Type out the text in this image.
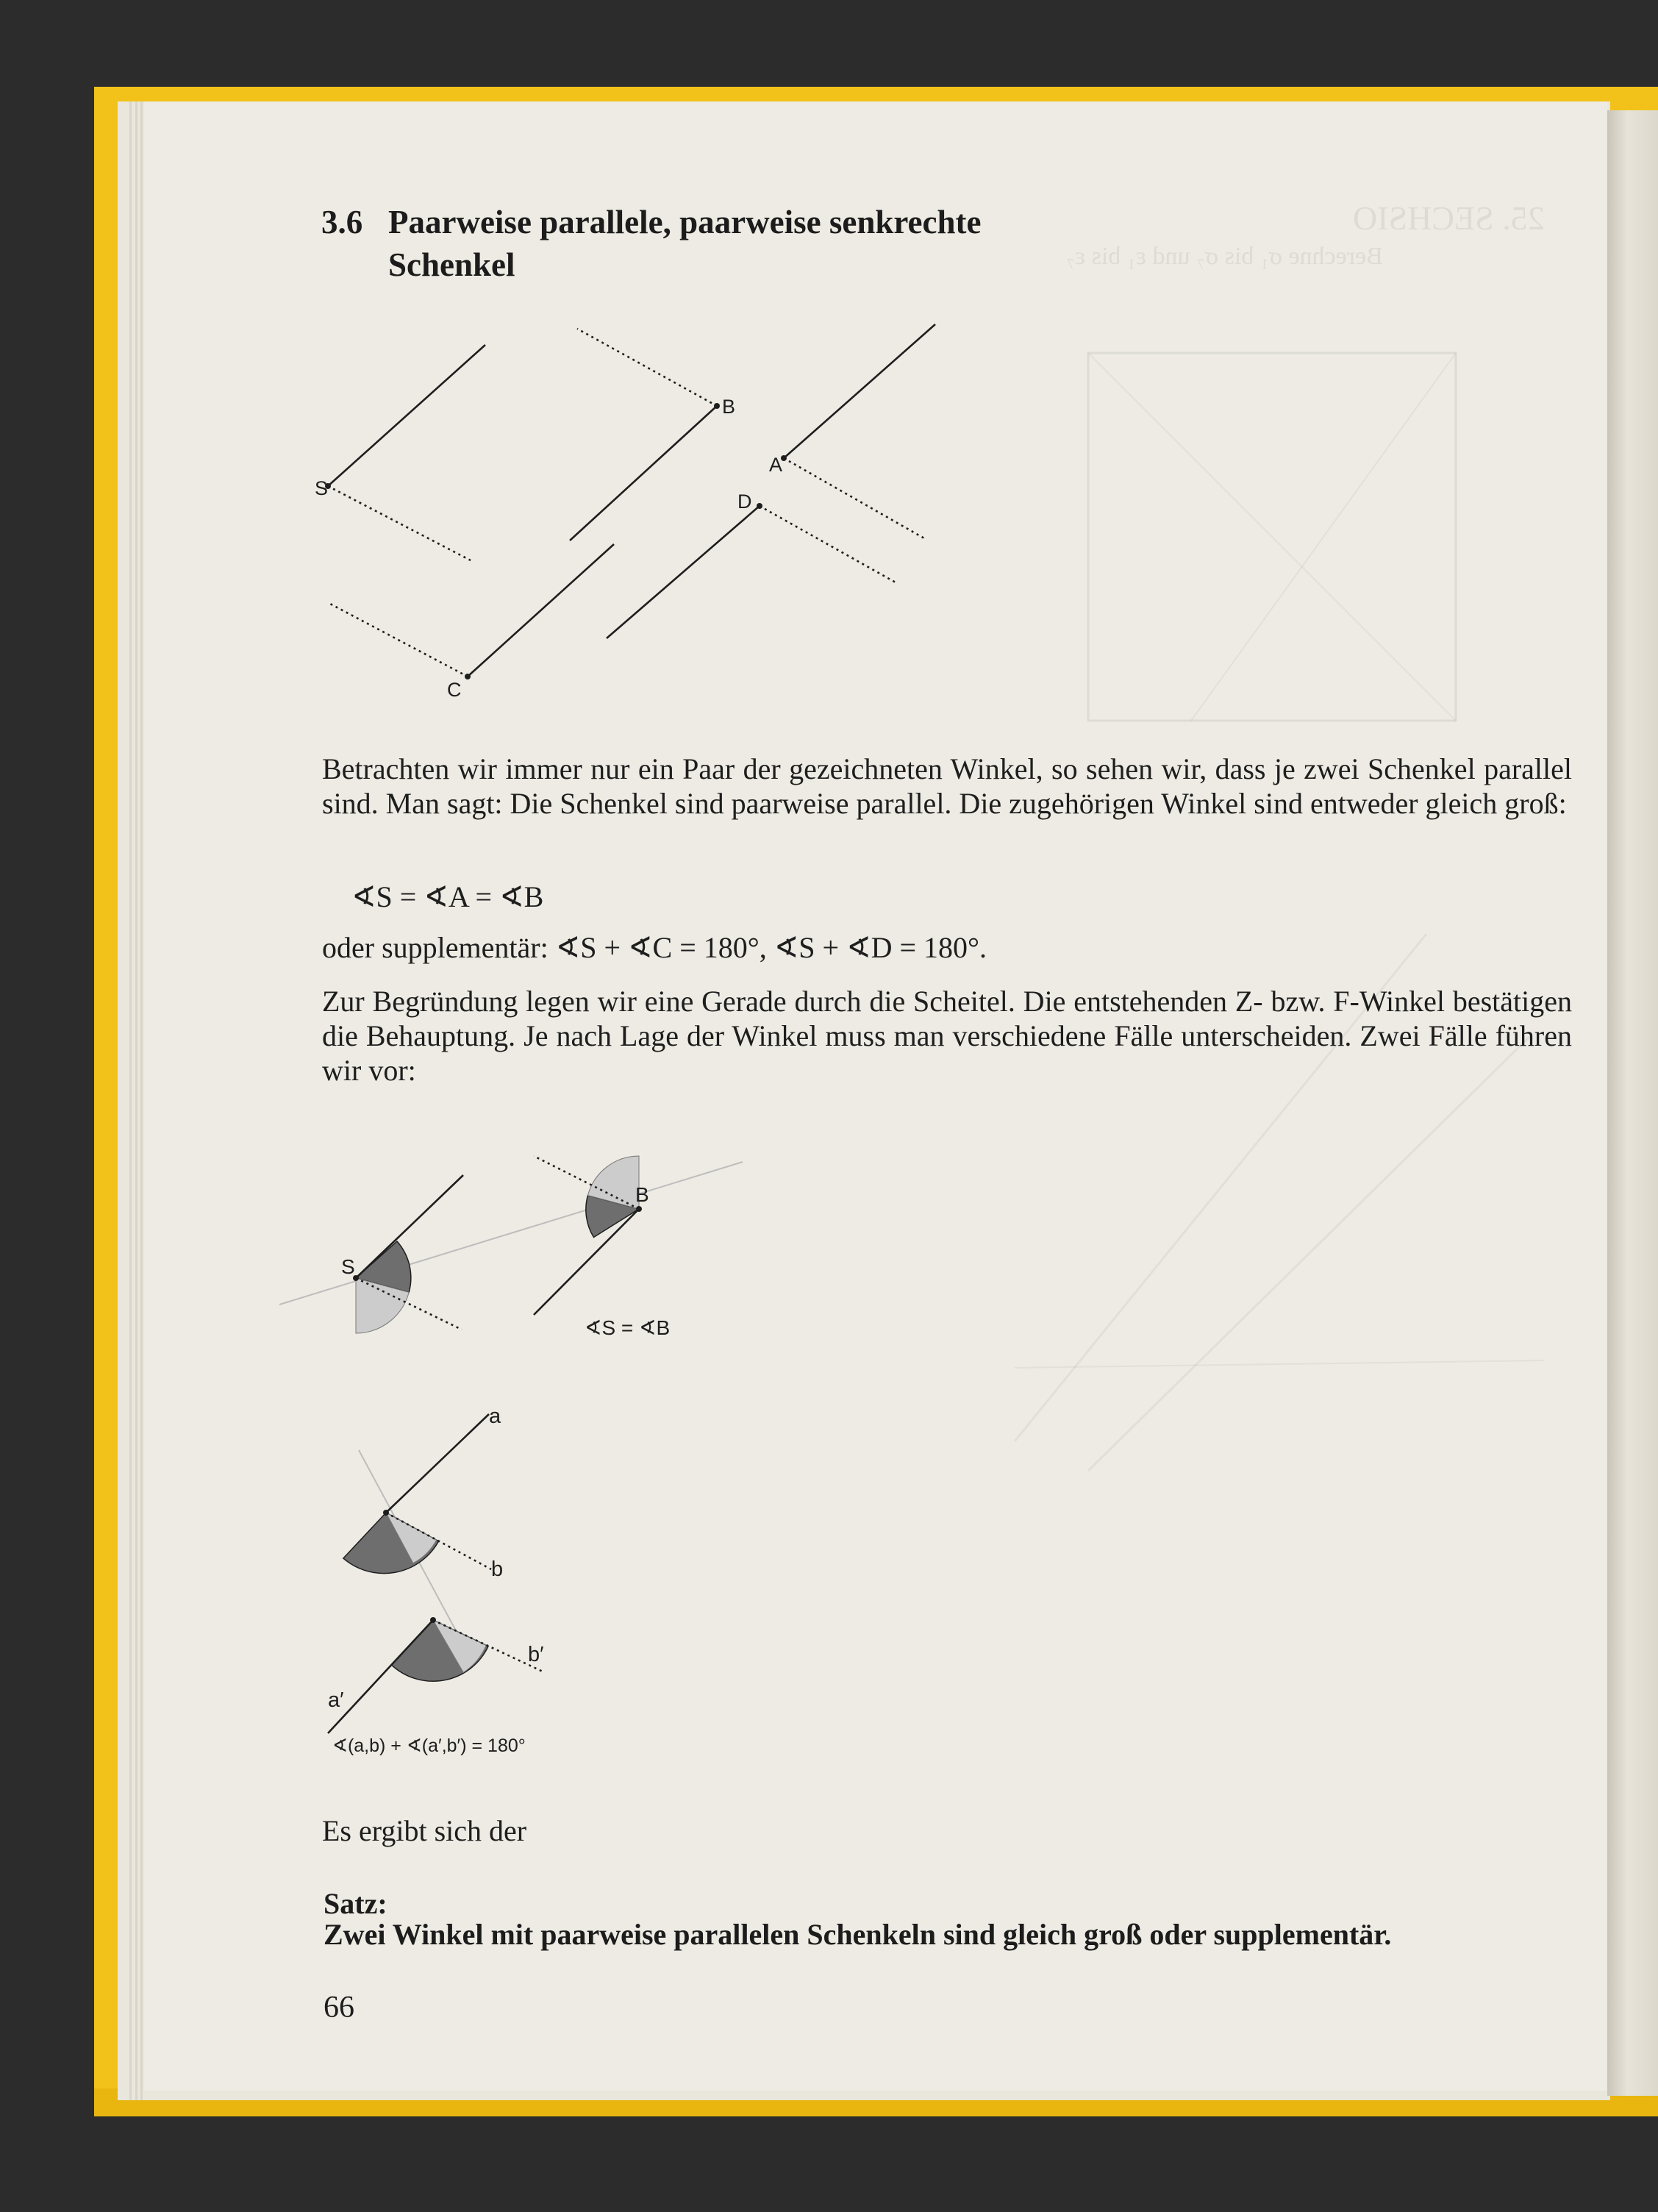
25. SECHSIO
Berechne σ₁ bis σ₇ und ε₁ bis ε₇
3.6 Paarweise parallele, paarweise senkrechte
Schenkel
S
B
A
D
C
Betrachten wir immer nur ein Paar der gezeichneten Winkel, so sehen wir, dass je zwei Schenkel parallel sind. Man sagt: Die Schenkel sind paarweise parallel. Die zugehörigen Winkel sind entweder gleich groß:
∢S = ∢A = ∢B
oder supplementär: ∢S + ∢C = 180°, ∢S + ∢D = 180°.
Zur Begründung legen wir eine Gerade durch die Scheitel. Die entstehenden Z- bzw. F-Winkel bestätigen die Behauptung. Je nach Lage der Winkel muss man verschiedene Fälle unterscheiden. Zwei Fälle führen wir vor:
S
B
∢S = ∢B
a
b
b′
a′
∢(a,b) + ∢(a′,b′) = 180°
Es ergibt sich der
Satz:
Zwei Winkel mit paarweise parallelen Schenkeln sind gleich groß oder supplementär.
66
